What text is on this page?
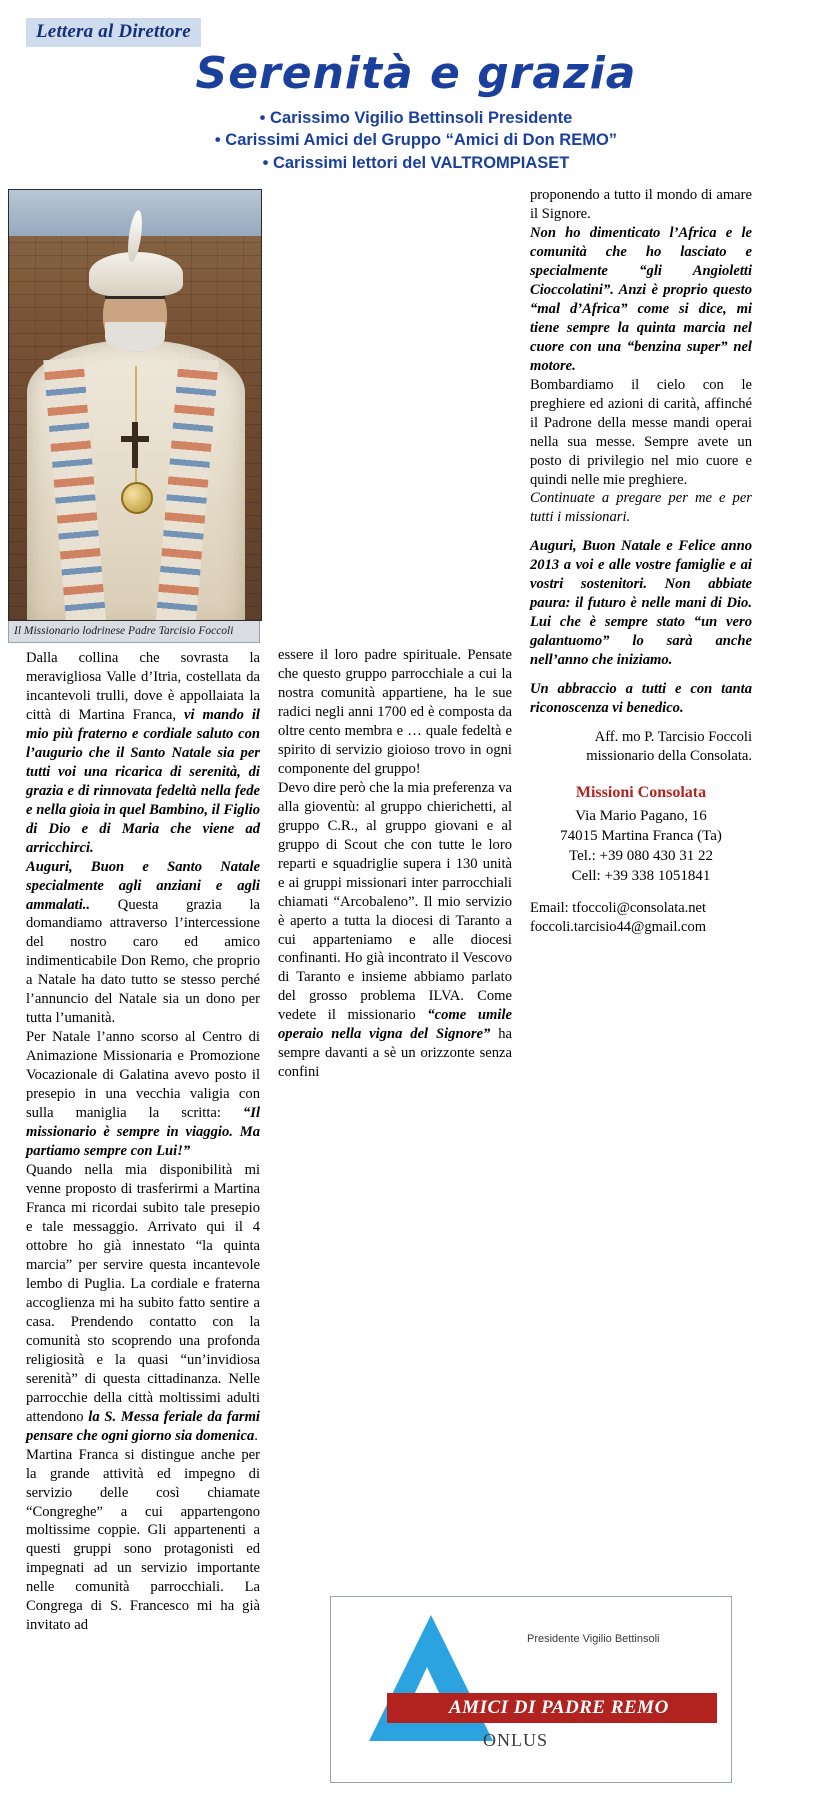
Lettera al Direttore
Serenità e grazia
• Carissimo Vigilio Bettinsoli Presidente
• Carissimi Amici del Gruppo “Amici di Don REMO”
• Carissimi lettori del VALTROMPIASET
Il Missionario lodrinese Padre Tarcisio Foccoli

Dalla collina che sovrasta la meravigliosa Valle d’Itria, costellata da incantevoli trulli, dove è appollaiata la città di Martina Franca, vi mando il mio più fraterno e cordiale saluto con l’augurio che il Santo Natale sia per tutti voi una ricarica di serenità, di grazia e di rinnovata fedeltà nella fede e nella gioia in quel Bambino, il Figlio di Dio e di Maria che viene ad arricchirci.

Auguri, Buon e Santo Natale specialmente agli anziani e agli ammalati.. Questa grazia la domandiamo attraverso l’intercessione del nostro caro ed amico indimenticabile Don Remo, che proprio a Natale ha dato tutto se stesso perché l’annuncio del Natale sia un dono per tutta l’umanità.

Per Natale l’anno scorso al Centro di Animazione Missionaria e Promozione Vocazionale di Galatina avevo posto il presepio in una vecchia valigia con sulla maniglia la scritta: “Il missionario è sempre in viaggio. Ma partiamo sempre con Lui!”

Quando nella mia disponibilità mi venne proposto di trasferirmi a Martina Franca mi ricordai subito tale presepio e tale messaggio. Arrivato qui il 4 ottobre ho già innestato “la quinta marcia” per servire questa incantevole lembo di Puglia. La cordiale e fraterna accoglienza mi ha subito fatto sentire a casa. Prendendo contatto con la comunità sto scoprendo una profonda religiosità e la quasi “un’invidiosa serenità” di questa cittadinanza. Nelle parrocchie della città moltissimi adulti attendono la S. Messa feriale da farmi pensare che ogni giorno sia domenica.

Martina Franca si distingue anche per la grande attività ed impegno di servizio delle così chiamate “Congreghe” a cui appartengono moltissime coppie. Gli appartenenti a questi gruppi sono protagonisti ed impegnati ad un servizio importante nelle comunità parrocchiali. La Congrega di S. Francesco mi ha già invitato ad

essere il loro padre spirituale. Pensate che questo gruppo parrocchiale a cui la nostra comunità appartiene, ha le sue radici negli anni 1700 ed è composta da oltre cento membra e … quale fedeltà e spirito di servizio gioioso trovo in ogni componente del gruppo!

Devo dire però che la mia preferenza va alla gioventù: al gruppo chierichetti, al gruppo C.R., al gruppo giovani e al gruppo di Scout che con tutte le loro reparti e squadriglie supera i 130 unità e ai gruppi missionari inter parrocchiali chiamati “Arcobaleno”. Il mio servizio è aperto a tutta la diocesi di Taranto a cui apparteniamo e alle diocesi confinanti. Ho già incontrato il Vescovo di Taranto e insieme abbiamo parlato del grosso problema ILVA. Come vedete il missionario “come umile operaio nella vigna del Signore” ha sempre davanti a sè un orizzonte senza confini

proponendo a tutto il mondo di amare il Signore.

Non ho dimenticato l’Africa e le comunità che ho lasciato e specialmente “gli Angioletti Cioccolatini”. Anzi è proprio questo “mal d’Africa” come si dice, mi tiene sempre la quinta marcia nel cuore con una “benzina super” nel motore.

Bombardiamo il cielo con le preghiere ed azioni di carità, affinché il Padrone della messe mandi operai nella sua messe. Sempre avete un posto di privilegio nel mio cuore e quindi nelle mie preghiere.

Continuate a pregare per me e per tutti i missionari.

Auguri, Buon Natale e Felice anno 2013 a voi e alle vostre famiglie e ai vostri sostenitori. Non abbiate paura: il futuro è nelle mani di Dio. Lui che è sempre stato “un vero galantuomo” lo sarà anche nell’anno che iniziamo.

Un abbraccio a tutti e con tanta riconoscenza vi benedico.

Aff. mo P. Tarcisio Foccoli
missionario della Consolata.
Missioni Consolata
Via Mario Pagano, 16
74015 Martina Franca (Ta)
Tel.: +39 080 430 31 22
Cell: +39 338 1051841
Email: tfoccoli@consolata.net
foccoli.tarcisio44@gmail.com
AMICI DI PADRE REMO
Presidente Vigilio Bettinsoli
ONLUS
